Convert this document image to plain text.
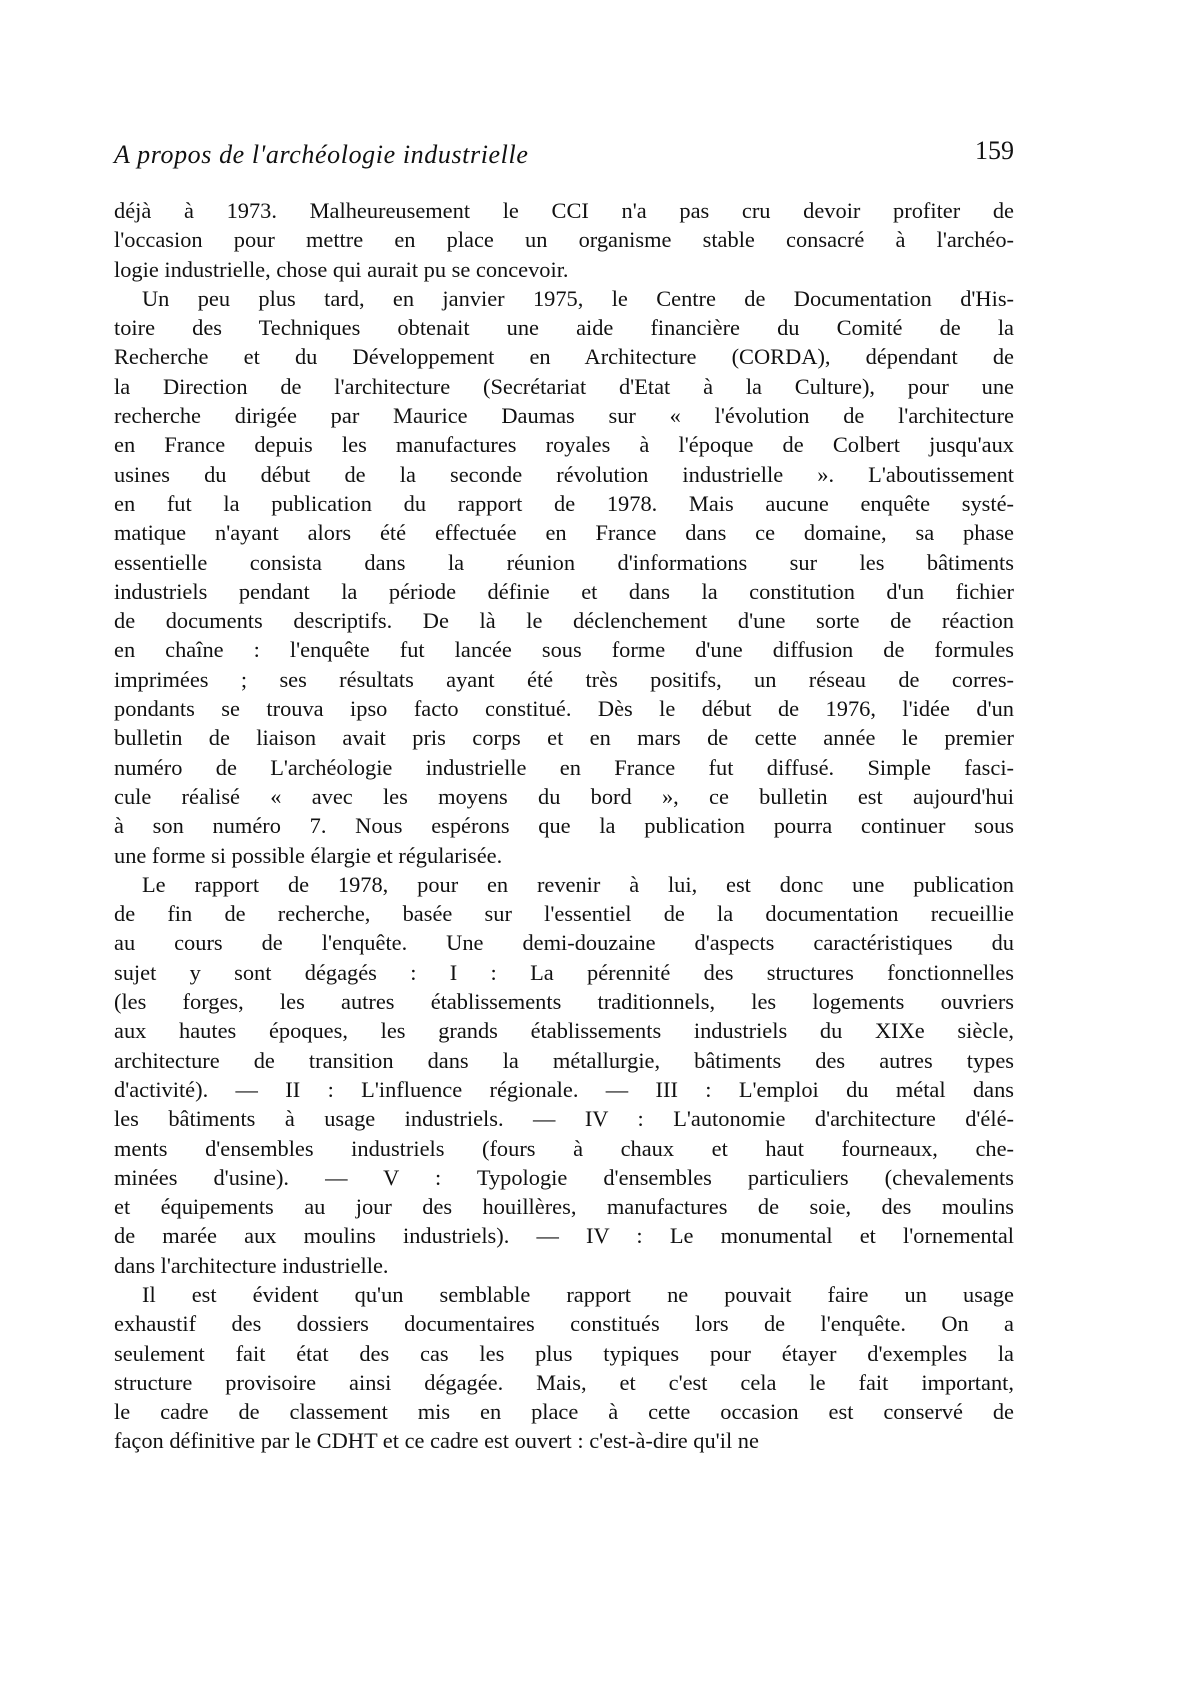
A propos de l'archéologie industrielle	159
déjà à 1973. Malheureusement le CCI n'a pas cru devoir profiter de
l'occasion pour mettre en place un organisme stable consacré à l'archéo-
logie industrielle, chose qui aurait pu se concevoir.
Un peu plus tard, en janvier 1975, le Centre de Documentation d'His-
toire des Techniques obtenait une aide financière du Comité de la
Recherche et du Développement en Architecture (CORDA), dépendant de
la Direction de l'architecture (Secrétariat d'Etat à la Culture), pour une
recherche dirigée par Maurice Daumas sur « l'évolution de l'architecture
en France depuis les manufactures royales à l'époque de Colbert jusqu'aux
usines du début de la seconde révolution industrielle ». L'aboutissement
en fut la publication du rapport de 1978. Mais aucune enquête systé-
matique n'ayant alors été effectuée en France dans ce domaine, sa phase
essentielle consista dans la réunion d'informations sur les bâtiments
industriels pendant la période définie et dans la constitution d'un fichier
de documents descriptifs. De là le déclenchement d'une sorte de réaction
en chaîne : l'enquête fut lancée sous forme d'une diffusion de formules
imprimées ; ses résultats ayant été très positifs, un réseau de corres-
pondants se trouva ipso facto constitué. Dès le début de 1976, l'idée d'un
bulletin de liaison avait pris corps et en mars de cette année le premier
numéro de L'archéologie industrielle en France fut diffusé. Simple fasci-
cule réalisé « avec les moyens du bord », ce bulletin est aujourd'hui
à son numéro 7. Nous espérons que la publication pourra continuer sous
une forme si possible élargie et régularisée.
Le rapport de 1978, pour en revenir à lui, est donc une publication
de fin de recherche, basée sur l'essentiel de la documentation recueillie
au cours de l'enquête. Une demi-douzaine d'aspects caractéristiques du
sujet y sont dégagés : I : La pérennité des structures fonctionnelles
(les forges, les autres établissements traditionnels, les logements ouvriers
aux hautes époques, les grands établissements industriels du XIXe siècle,
architecture de transition dans la métallurgie, bâtiments des autres types
d'activité). — II : L'influence régionale. — III : L'emploi du métal dans
les bâtiments à usage industriels. — IV : L'autonomie d'architecture d'élé-
ments d'ensembles industriels (fours à chaux et haut fourneaux, che-
minées d'usine). — V : Typologie d'ensembles particuliers (chevalements
et équipements au jour des houillères, manufactures de soie, des moulins
de marée aux moulins industriels). — IV : Le monumental et l'ornemental
dans l'architecture industrielle.
Il est évident qu'un semblable rapport ne pouvait faire un usage
exhaustif des dossiers documentaires constitués lors de l'enquête. On a
seulement fait état des cas les plus typiques pour étayer d'exemples la
structure provisoire ainsi dégagée. Mais, et c'est cela le fait important,
le cadre de classement mis en place à cette occasion est conservé de
façon définitive par le CDHT et ce cadre est ouvert : c'est-à-dire qu'il ne
